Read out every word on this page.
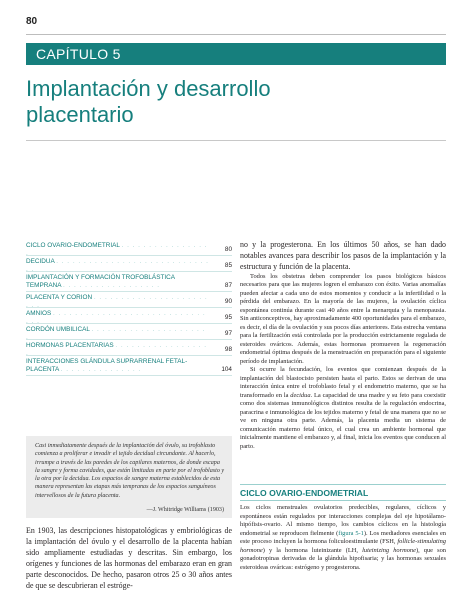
80
CAPÍTULO 5
Implantación y desarrollo
placentario
CICLO OVARIO-ENDOMETRIAL . . . . . . . . . . . . . . . . .
80
DECIDUA . . . . . . . . . . . . . . . . . . . . . . . . . . . . . .
85
IMPLANTACIÓN Y FORMACIÓN TROFOBLÁSTICA TEMPRANA . . . . . . . . . . . . . . . . . .	87
PLACENTA Y CORION . . . . . . . . . . . . . . . . . . . . . . . .
90
AMNIOS . . . . . . . . . . . . . . . . . . . . . . . . . . . . . . .
95
CORDÓN UMBILICAL . . . . . . . . . . . . . . . . . . . . . .
97
HORMONAS PLACENTARIAS . . . . . . . . . . . . . . . . . .
98
INTERACCIONES GLÁNDULA SUPRARRENAL FETAL-PLACENTA . . . . . . . . . . . . . . .	104
Casi inmediatamente después de la implantación del óvulo, su trofoblasto comienza a proliferar e invadir el tejido decidual circundante. Al hacerlo, irrumpe a través de las paredes de los capilares maternos, de donde escapa la sangre y forma cavidades, que están limitadas en parte por el trofoblasto y la otra por la decidua. Los espacios de sangre materna establecidos de esta manera representan las etapas más tempranas de los espacios sanguíneos intervellosos de la futura placenta.
—J. Whitridge Williams (1903)
En 1903, las descripciones histopatológicas y embriológicas de la implantación del óvulo y el desarrollo de la placenta habían sido ampliamente estudiadas y descritas. Sin embargo, los orígenes y funciones de las hormonas del embarazo eran en gran parte desconocidos. De hecho, pasaron otros 25 o 30 años antes de que se descubrieran el estróge-

no y la progesterona. En los últimos 50 años, se han dado notables avances para describir los pasos de la implantación y la estructura y función de la placenta.

Todos los obstetras deben comprender los pasos biológicos básicos necesarios para que las mujeres logren el embarazo con éxito. Varias anomalías pueden afectar a cada uno de estos momentos y conducir a la infertilidad o la pérdida del embarazo. En la mayoría de las mujeres, la ovulación cíclica espontánea continúa durante casi 40 años entre la menarquia y la menopausia. Sin anticonceptivos, hay aproximadamente 400 oportunidades para el embarazo, es decir, el día de la ovulación y sus pocos días anteriores. Esta estrecha ventana para la fertilización está controlada por la producción estrictamente regulada de esteroides ováricos. Además, estas hormonas promueven la regeneración endometrial óptima después de la menstruación en preparación para el siguiente período de implantación.

Si ocurre la fecundación, los eventos que comienzan después de la implantación del blastocisto persisten hasta el parto. Estos se derivan de una interacción única entre el trofoblasto fetal y el endometrio materno, que se ha transformado en la decidua. La capacidad de una madre y su feto para coexistir como dos sistemas inmunológicos distintos resulta de la regulación endocrina, paracrina e inmunológica de los tejidos materno y fetal de una manera que no se ve en ninguna otra parte. Además, la placenta media un sistema de comunicación materno fetal único, el cual crea un ambiente hormonal que inicialmente mantiene el embarazo y, al final, inicia los eventos que conducen al parto.

CICLO OVARIO-ENDOMETRIAL
Los ciclos menstruales ovulatorios predecibles, regulares, cíclicos y espontáneos están regulados por interacciones complejas del eje hipotálamo-hipófisis-ovario. Al mismo tiempo, los cambios cíclicos en la histología endometrial se reproducen fielmente (figura 5-1). Los mediadores esenciales en este proceso incluyen la hormona foliculoestimulante (FSH, follicle-stimulating hormone) y la hormona luteinizante (LH, luteinizing hormone), que son gonadotropinas derivadas de la glándula hipofisaria; y las hormonas sexuales esteroideas ováricas: estrógeno y progesterona.
